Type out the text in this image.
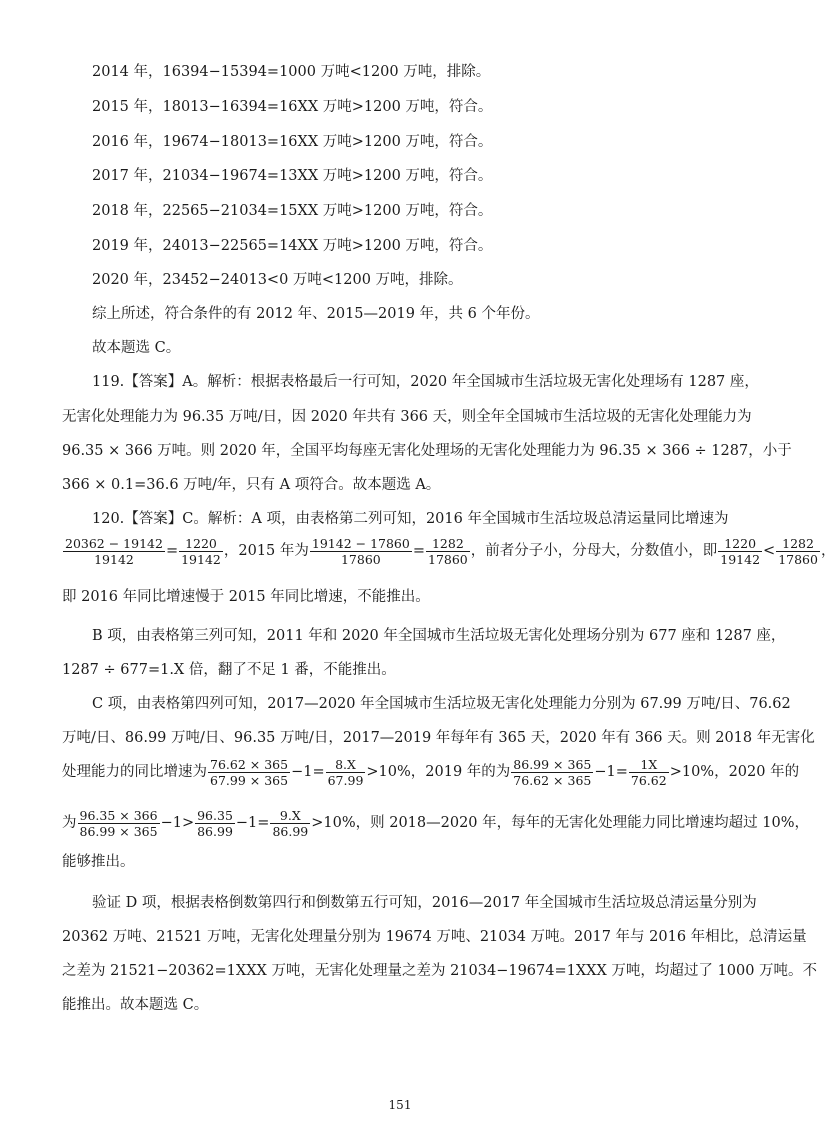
2014 年，16394−15394=1000 万吨<1200 万吨，排除。
2015 年，18013−16394=16XX 万吨>1200 万吨，符合。
2016 年，19674−18013=16XX 万吨>1200 万吨，符合。
2017 年，21034−19674=13XX 万吨>1200 万吨，符合。
2018 年，22565−21034=15XX 万吨>1200 万吨，符合。
2019 年，24013−22565=14XX 万吨>1200 万吨，符合。
2020 年，23452−24013<0 万吨<1200 万吨，排除。
综上所述，符合条件的有 2012 年、2015—2019 年，共 6 个年份。
故本题选 C。
119.【答案】A。解析：根据表格最后一行可知，2020 年全国城市生活垃圾无害化处理场有 1287 座，
无害化处理能力为 96.35 万吨/日，因 2020 年共有 366 天，则全年全国城市生活垃圾的无害化处理能力为
96.35 × 366 万吨。则 2020 年，全国平均每座无害化处理场的无害化处理能力为 96.35 × 366 ÷ 1287，小于
366 × 0.1=36.6 万吨/年，只有 A 项符合。故本题选 A。
120.【答案】C。解析：A 项，由表格第二列可知，2016 年全国城市生活垃圾总清运量同比增速为
$\frac{20362 - 19142}{19142} = \frac{1220}{19142}$ ，2015 年为 $\frac{19142 - 17860}{17860} = \frac{1282}{17860}$ ，前者分子小，分母大，分数值小，即 $\frac{1220}{19142} < \frac{1282}{17860}$ ，
即 2016 年同比增速慢于 2015 年同比增速，不能推出。
B 项，由表格第三列可知，2011 年和 2020 年全国城市生活垃圾无害化处理场分别为 677 座和 1287 座，
1287 ÷ 677=1.X 倍，翻了不足 1 番，不能推出。
C 项，由表格第四列可知，2017—2020 年全国城市生活垃圾无害化处理能力分别为 67.99 万吨/日、76.62
万吨/日、86.99 万吨/日、96.35 万吨/日，2017—2019 年每年有 365 天，2020 年有 366 天。则 2018 年无害化
处理能力的同比增速为 $\frac{76.62 \times 365}{67.99 \times 365} -1= \frac{8.X}{67.99} >10\%$，2019 年的为 $\frac{86.99 \times 365}{76.62 \times 365} -1= \frac{1X}{76.62} >10\%$，2020 年的
为 $\frac{96.35 \times 366}{86.99 \times 365} -1> \frac{96.35}{86.99} -1= \frac{9.X}{86.99} >10\%$，则 2018—2020 年，每年的无害化处理能力同比增速均超过 10%，
能够推出。
验证 D 项，根据表格倒数第四行和倒数第五行可知，2016—2017 年全国城市生活垃圾总清运量分别为
20362 万吨、21521 万吨，无害化处理量分别为 19674 万吨、21034 万吨。2017 年与 2016 年相比，总清运量
之差为 21521−20362=1XXX 万吨，无害化处理量之差为 21034−19674=1XXX 万吨，均超过了 1000 万吨。不
能推出。故本题选 C。
151
